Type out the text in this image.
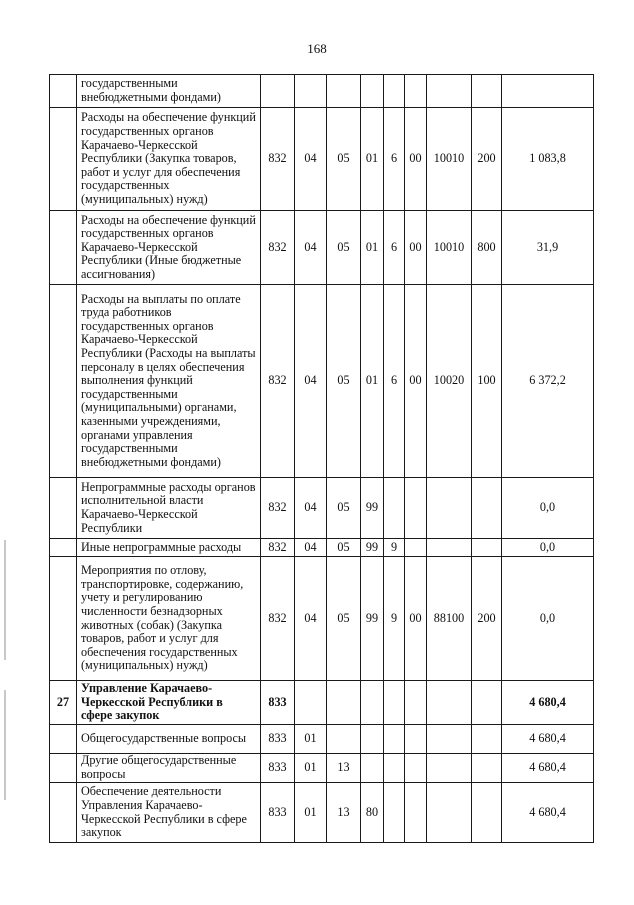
168
	государственными внебюджетными фондами)									
	Расходы на обеспечение функций государственных органов Карачаево-Черкесской Республики (Закупка товаров, работ и услуг для обеспечения государственных (муниципальных) нужд)	832	04	05	01	6	00	10010	200	1 083,8
	Расходы на обеспечение функций государственных органов Карачаево-Черкесской Республики (Иные бюджетные ассигнования)	832	04	05	01	6	00	10010	800	31,9
	Расходы на выплаты по оплате труда работников государственных органов Карачаево-Черкесской Республики (Расходы на выплаты персоналу в целях обеспечения выполнения функций государственными (муниципальными) органами, казенными учреждениями, органами управления государственными внебюджетными фондами)	832	04	05	01	6	00	10020	100	6 372,2
	Непрограммные расходы органов исполнительной власти Карачаево-Черкесской Республики	832	04	05	99					0,0
	Иные непрограммные расходы	832	04	05	99	9				0,0
	Мероприятия по отлову, транспортировке, содержанию, учету и регулированию численности безнадзорных животных (собак) (Закупка товаров, работ и услуг для обеспечения государственных (муниципальных) нужд)	832	04	05	99	9	00	88100	200	0,0
27	Управление Карачаево-Черкесской Республики в сфере закупок	833								4 680,4
	Общегосударственные вопросы	833	01							4 680,4
	Другие общегосударственные вопросы	833	01	13						4 680,4
	Обеспечение деятельности Управления Карачаево-Черкесской Республики в сфере закупок	833	01	13	80					4 680,4
